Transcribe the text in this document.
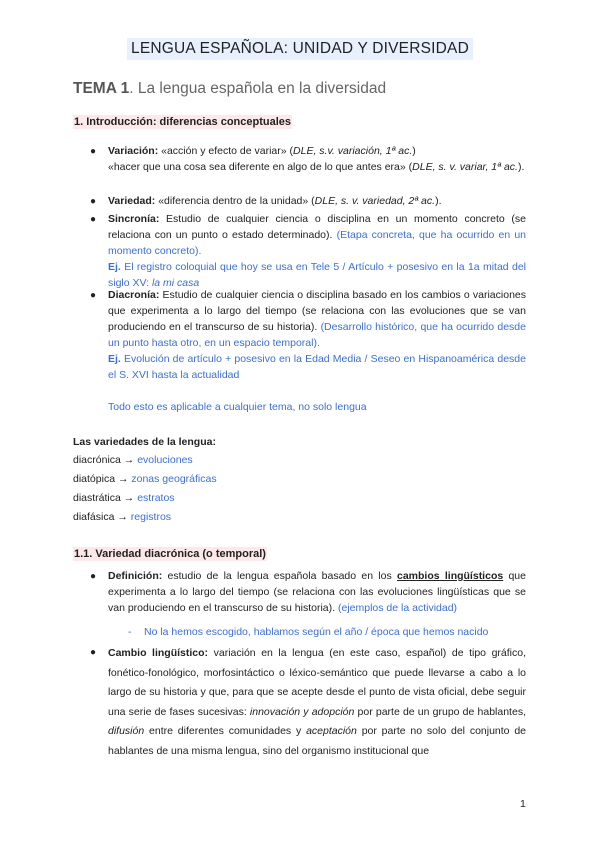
LENGUA ESPAÑOLA: UNIDAD Y DIVERSIDAD
TEMA 1. La lengua española en la diversidad
1. Introducción: diferencias conceptuales
● Variación: «acción y efecto de variar» (DLE, s.v. variación, 1ª ac.)
«hacer que una cosa sea diferente en algo de lo que antes era» (DLE, s. v. variar, 1ª ac.).
● Variedad: «diferencia dentro de la unidad» (DLE, s. v. variedad, 2ª ac.).
● Sincronía: Estudio de cualquier ciencia o disciplina en un momento concreto (se relaciona con un punto o estado determinado). (Etapa concreta, que ha ocurrido en un momento concreto).
Ej. El registro coloquial que hoy se usa en Tele 5 / Artículo + posesivo en la 1a mitad del siglo XV: la mi casa
● Diacronía: Estudio de cualquier ciencia o disciplina basado en los cambios o variaciones que experimenta a lo largo del tiempo (se relaciona con las evoluciones que se van produciendo en el transcurso de su historia). (Desarrollo histórico, que ha ocurrido desde un punto hasta otro, en un espacio temporal).
Ej. Evolución de artículo + posesivo en la Edad Media / Seseo en Hispanoamérica desde el S. XVI hasta la actualidad

Todo esto es aplicable a cualquier tema, no solo lengua
Las variedades de la lengua:
diacrónica → evoluciones
diatópica → zonas geográficas
diastrática → estratos
diafásica → registros
1.1. Variedad diacrónica (o temporal)
● Definición: estudio de la lengua española basado en los cambios lingüísticos que experimenta a lo largo del tiempo (se relaciona con las evoluciones lingüísticas que se van produciendo en el transcurso de su historia). (ejemplos de la actividad)
- No la hemos escogido, hablamos según el año / época que hemos nacido
● Cambio lingüístico: variación en la lengua (en este caso, español) de tipo gráfico, fonético-fonológico, morfosintáctico o léxico-semántico que puede llevarse a cabo a lo largo de su historia y que, para que se acepte desde el punto de vista oficial, debe seguir una serie de fases sucesivas: innovación y adopción por parte de un grupo de hablantes, difusión entre diferentes comunidades y aceptación por parte no solo del conjunto de hablantes de una misma lengua, sino del organismo institucional que
1
